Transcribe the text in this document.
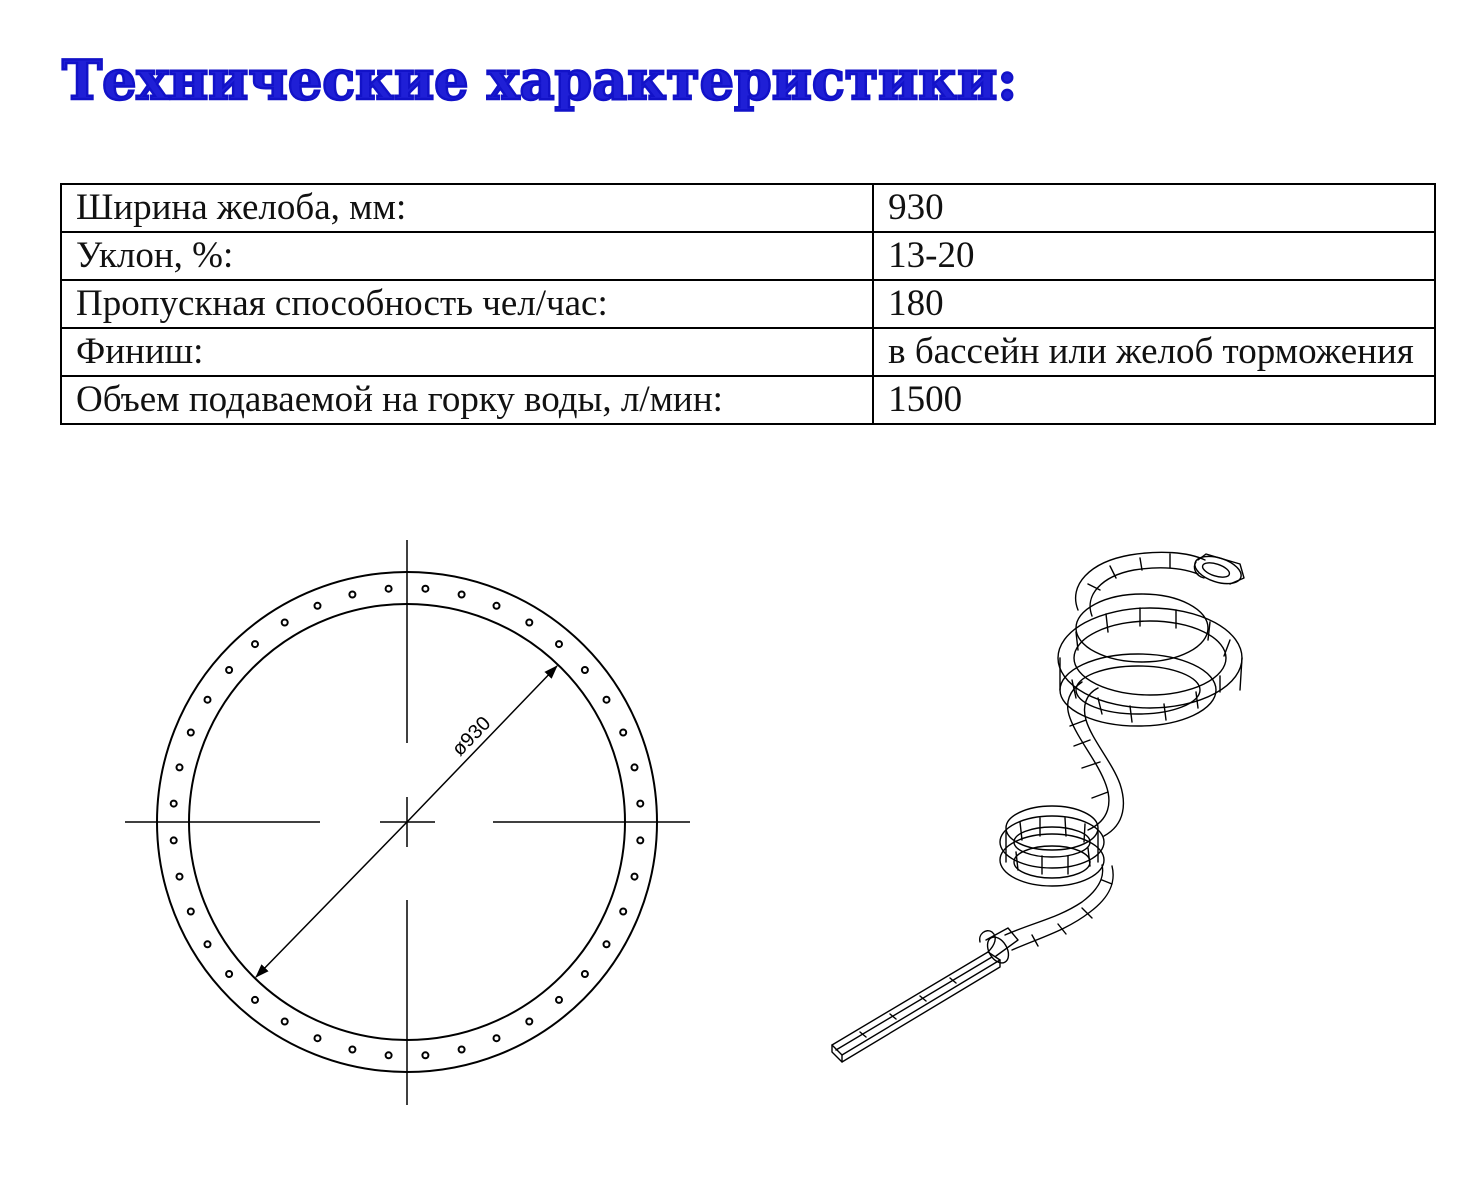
Технические характеристики:
Ширина желоба, мм:	930
Уклон, %:	13-20
Пропускная способность чел/час:	180
Финиш:	в бассейн или желоб торможения
Объем подаваемой на горку воды, л/мин:	1500
ø930
